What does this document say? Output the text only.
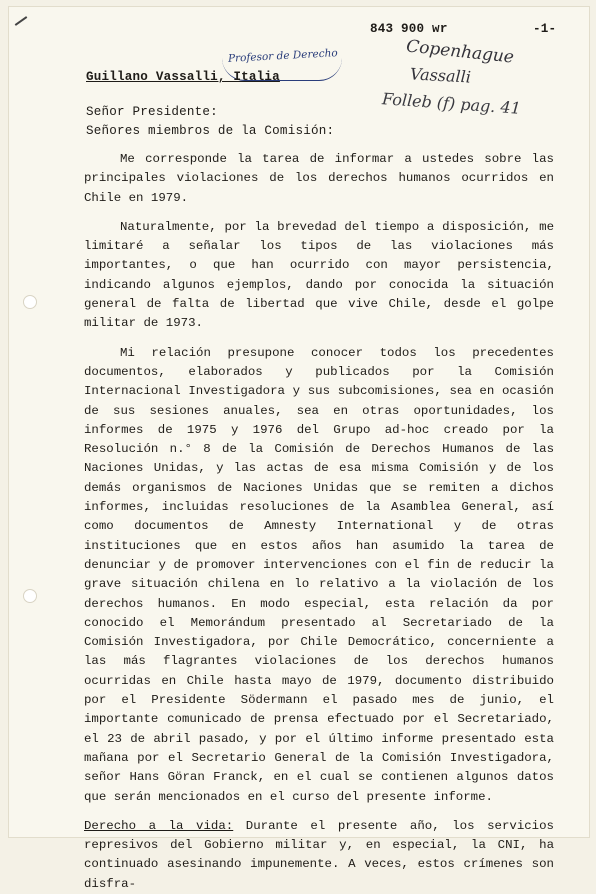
843 900 wr	-1-
Profesor de Derecho	Copenhague
Vassalli
Folleb (f) pag. 41
Guillano Vassalli, Italia
Señor Presidente:
Señores miembros de la Comisión:

Me corresponde la tarea de informar a ustedes sobre las principales violaciones de los derechos humanos ocurridos en Chile en 1979.

Naturalmente, por la brevedad del tiempo a disposición, me limitaré a señalar los tipos de las violaciones más importantes, o que han ocurrido con mayor persistencia, indicando algunos ejemplos, dando por conocida la situación general de falta de libertad que vive Chile, desde el golpe militar de 1973.

Mi relación presupone conocer todos los precedentes documentos, elaborados y publicados por la Comisión Internacional Investigadora y sus subcomisiones, sea en ocasión de sus sesiones anuales, sea en otras oportunidades, los informes de 1975 y 1976 del Grupo ad-hoc creado por la Resolución n.° 8 de la Comisión de Derechos Humanos de las Naciones Unidas, y las actas de esa misma Comisión y de los demás organismos de Naciones Unidas que se remiten a dichos informes, incluidas resoluciones de la Asamblea General, así como documentos de Amnesty International y de otras instituciones que en estos años han asumido la tarea de denunciar y de promover intervenciones con el fin de reducir la grave situación chilena en lo relativo a la violación de los derechos humanos. En modo especial, esta relación da por conocido el Memorándum presentado al Secretariado de la Comisión Investigadora, por Chile Democrático, concerniente a las más flagrantes violaciones de los derechos humanos ocurridas en Chile hasta mayo de 1979, documento distribuido por el Presidente Södermann el pasado mes de junio, el importante comunicado de prensa efectuado por el Secretariado, el 23 de abril pasado, y por el último informe presentado esta mañana por el Secretario General de la Comisión Investigadora, señor Hans Göran Franck, en el cual se contienen algunos datos que serán mencionados en el curso del presente informe.

Derecho a la vida: Durante el presente año, los servicios represivos del Gobierno militar y, en especial, la CNI, ha continuado asesinando impunemente. A veces, estos crímenes son disfra-
